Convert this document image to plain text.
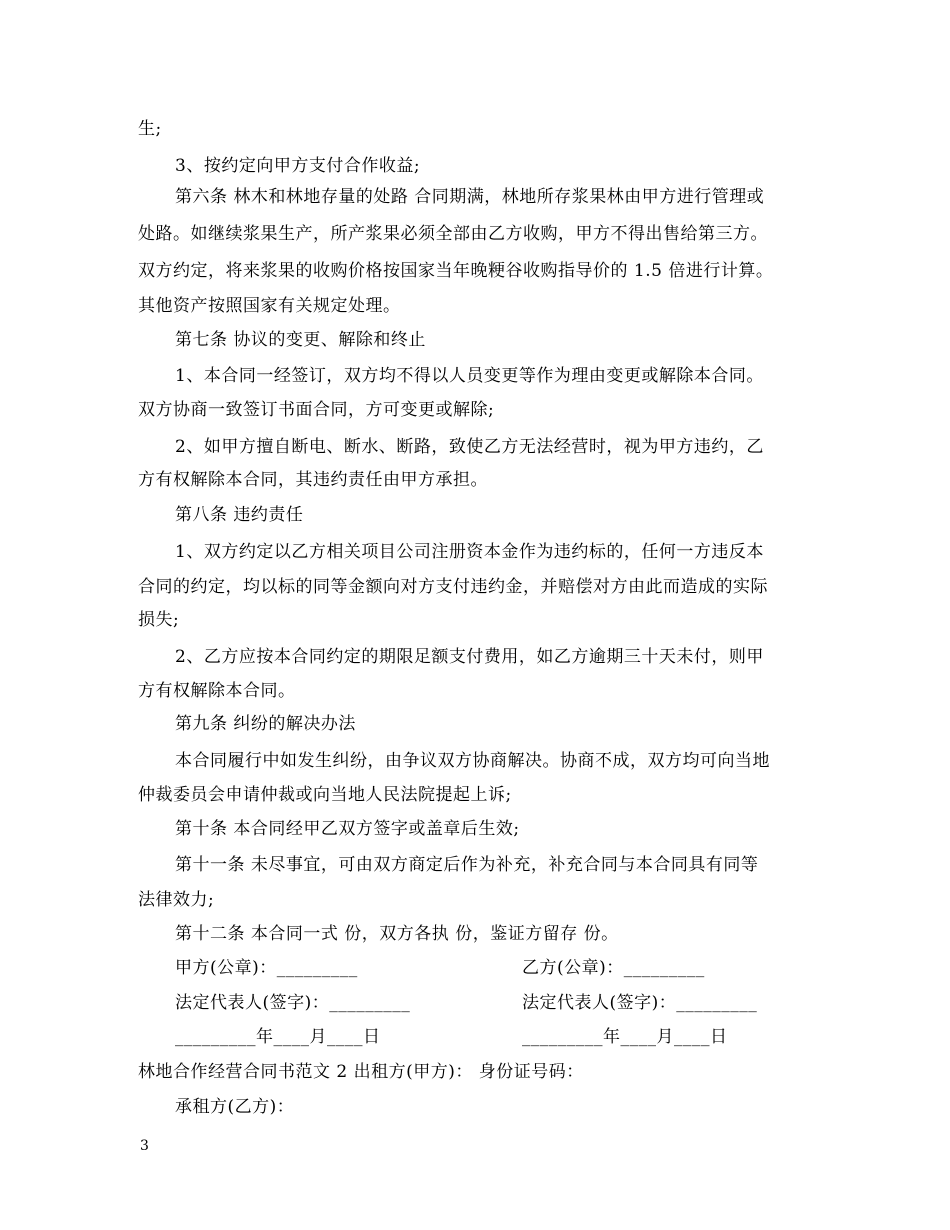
生;
3、按约定向甲方支付合作收益;
第六条 林木和林地存量的处路 合同期满，林地所存浆果林由甲方进行管理或
处路。如继续浆果生产，所产浆果必须全部由乙方收购，甲方不得出售给第三方。
双方约定，将来浆果的收购价格按国家当年晚粳谷收购指导价的 1.5 倍进行计算。
其他资产按照国家有关规定处理。
第七条 协议的变更、解除和终止
1、本合同一经签订，双方均不得以人员变更等作为理由变更或解除本合同。
双方协商一致签订书面合同，方可变更或解除;
2、如甲方擅自断电、断水、断路，致使乙方无法经营时，视为甲方违约，乙
方有权解除本合同，其违约责任由甲方承担。
第八条 违约责任
1、双方约定以乙方相关项目公司注册资本金作为违约标的，任何一方违反本
合同的约定，均以标的同等金额向对方支付违约金，并赔偿对方由此而造成的实际
损失;
2、乙方应按本合同约定的期限足额支付费用，如乙方逾期三十天未付，则甲
方有权解除本合同。
第九条 纠纷的解决办法
本合同履行中如发生纠纷，由争议双方协商解决。协商不成，双方均可向当地
仲裁委员会申请仲裁或向当地人民法院提起上诉;
第十条 本合同经甲乙双方签字或盖章后生效;
第十一条 未尽事宜，可由双方商定后作为补充，补充合同与本合同具有同等
法律效力;
第十二条 本合同一式 份，双方各执 份，鉴证方留存 份。
甲方(公章)：_________	乙方(公章)：_________
法定代表人(签字)：_________	法定代表人(签字)：_________
_________年____月____日	_________年____月____日
林地合作经营合同书范文 2 出租方(甲方)： 身份证号码：
承租方(乙方)：
3
